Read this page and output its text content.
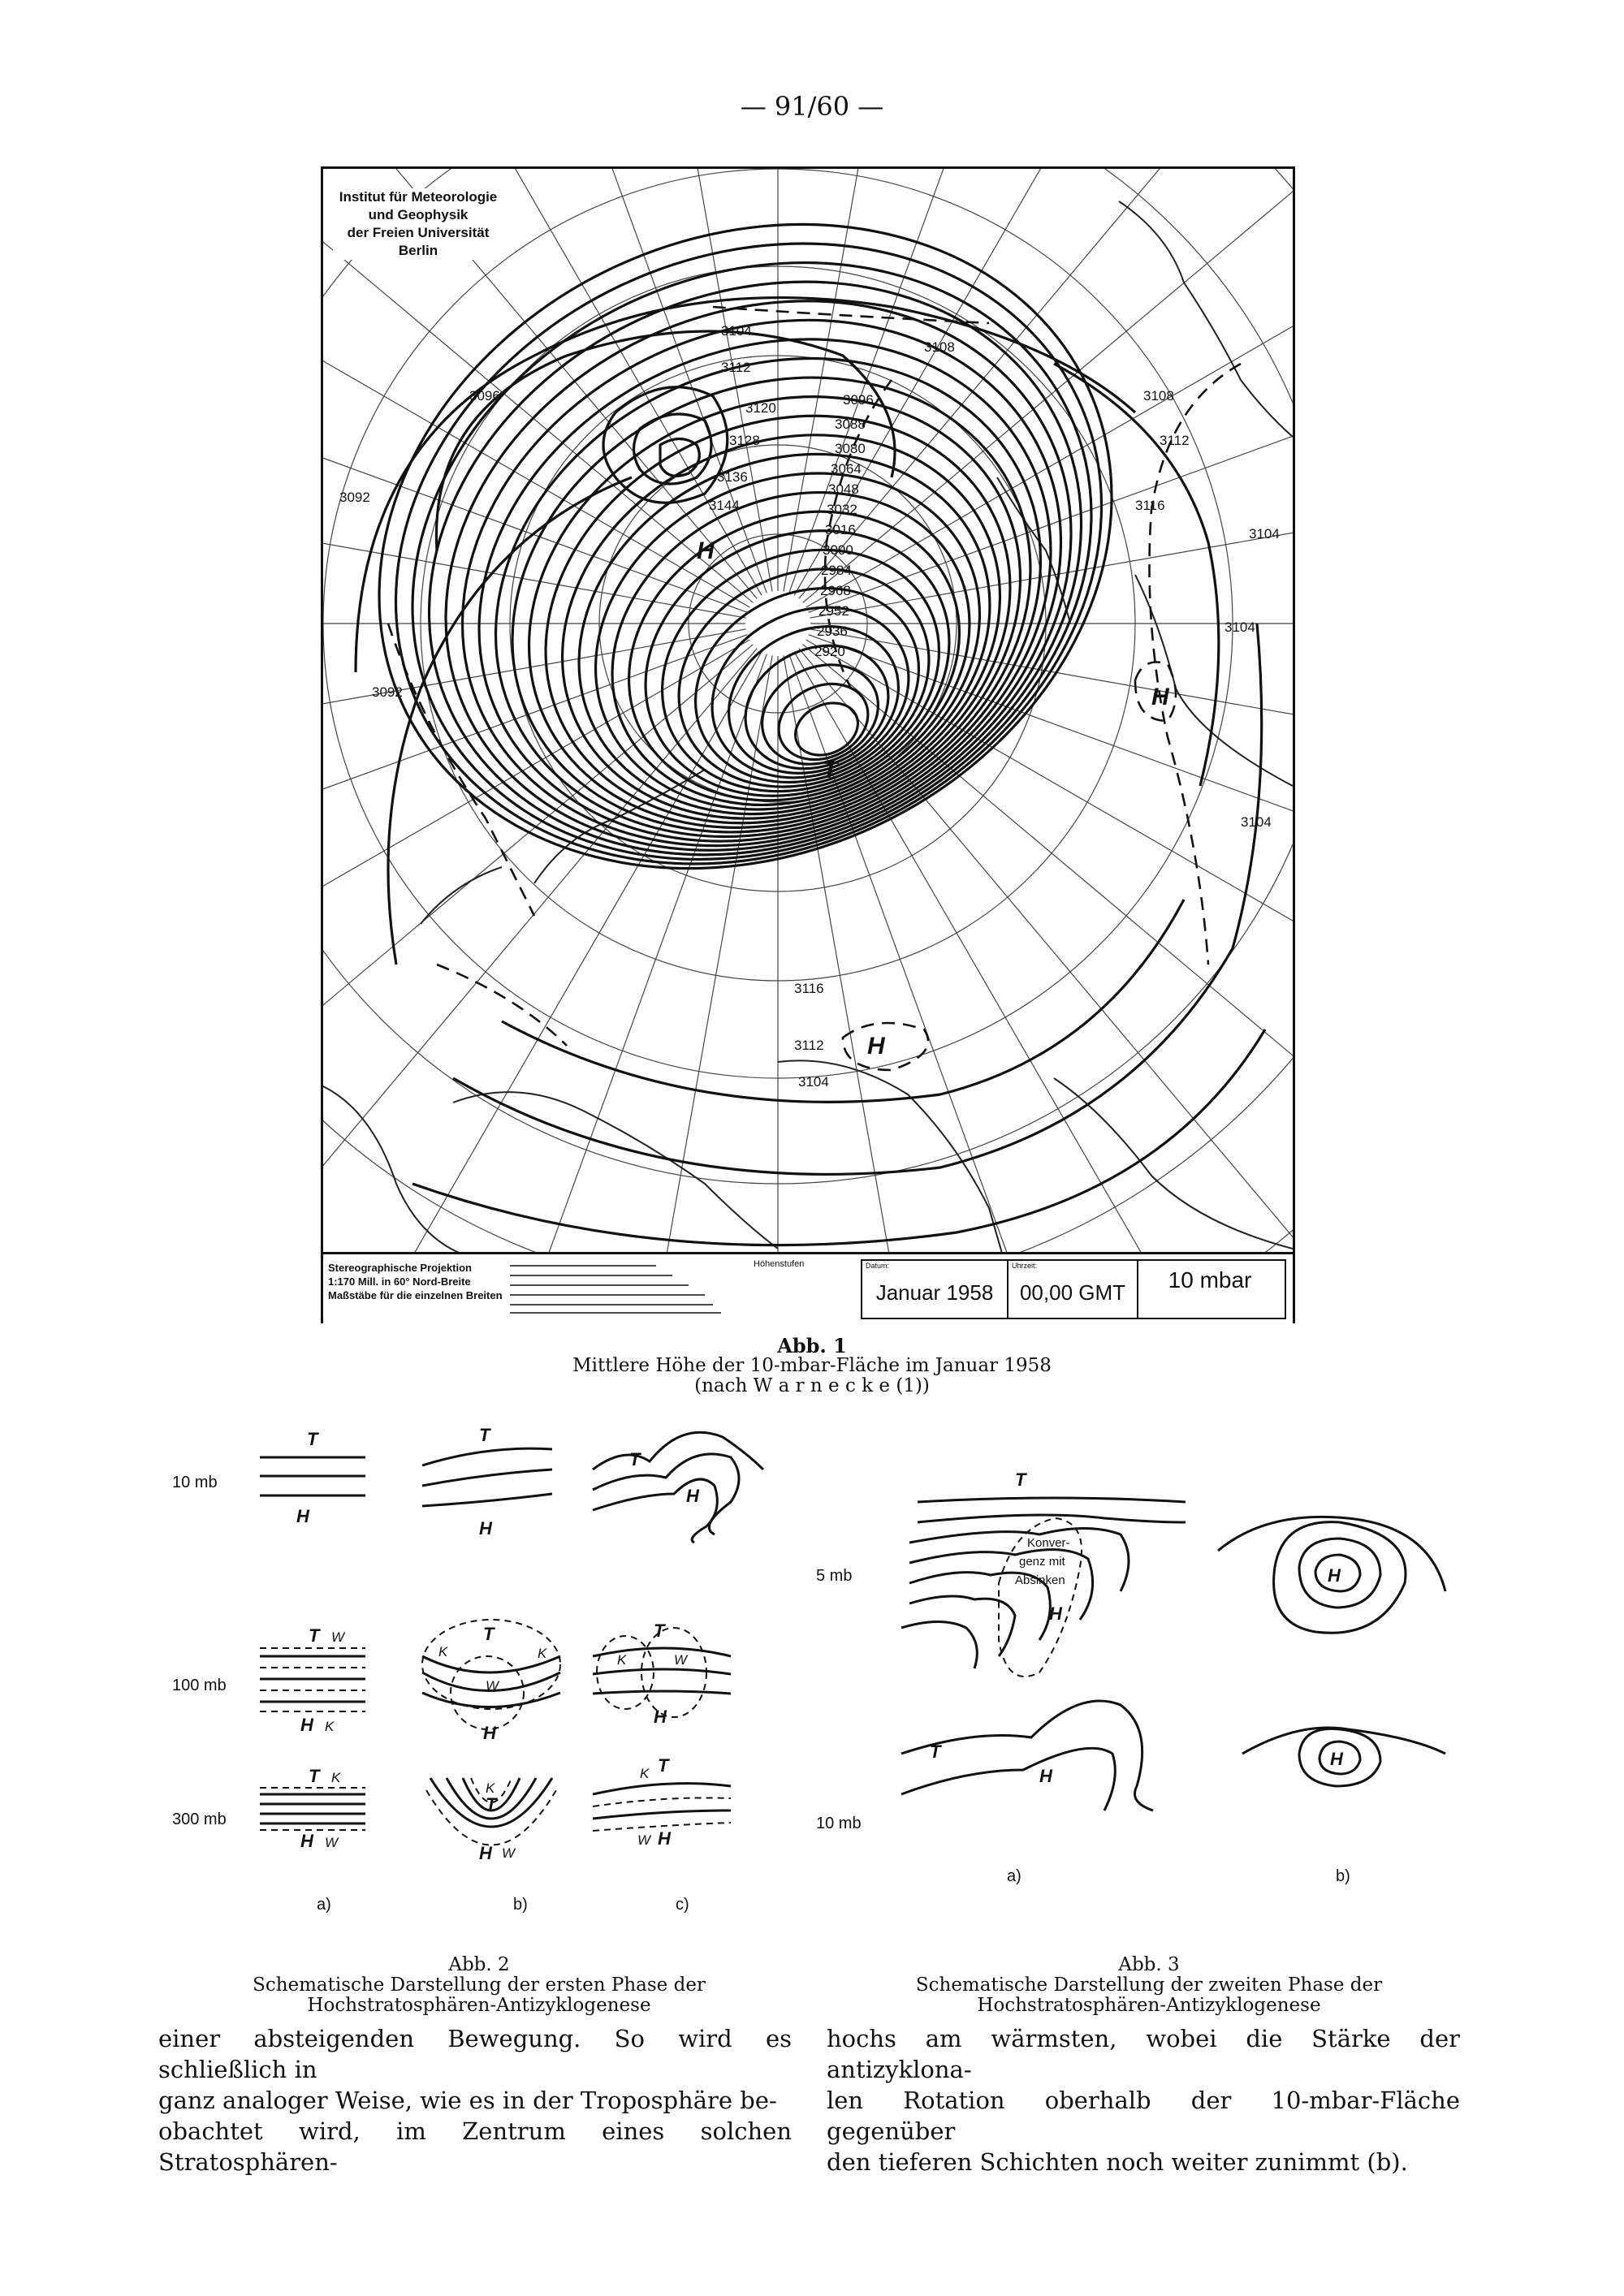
— 91/60 —
3104
3108
3112
3120
3128
3136
3144
3096
3092
3092
3104
3096
3088
3080
3064
3048
3032
3016
3000
2984
2968
2952
2936
2920
3108
3112
3116
3104
3104
3116
3112
3104
H
T
H
H
Institut für Meteorologie
und Geophysik
der Freien Universität
Berlin
Stereographische Projektion
1:170 Mill. in 60° Nord-Breite
Maßstäbe für die einzelnen Breiten
Höhenstufen	Datum:
Januar 1958
Uhrzeit:
00,00 GMT	10 mbar
Abb. 1
Mittlere Höhe der 10-mbar-Fläche im Januar 1958
(nach W a r n e c k e (1))
10 mb
100 mb
300 mb
T
H
T
H
T
H
T
H
T
H
T
H
T
H
T
H
T
H
W
K
K	K
W
K	W
K
W
K
W
K
W
a)	b)	c)
Abb. 2
Schematische Darstellung der ersten Phase der
Hochstratosphären-Antizyklogenese
5 mb
10 mb
Konver-
genz mit
Absinken
T
H
H
T
H
H
a)	b)
Abb. 3
Schematische Darstellung der zweiten Phase der
Hochstratosphären-Antizyklogenese
einer absteigenden Bewegung. So wird es schließlich in
ganz analoger Weise, wie es in der Troposphäre be-
obachtet wird, im Zentrum eines solchen Stratosphären-
hochs am wärmsten, wobei die Stärke der antizyklona-
len Rotation oberhalb der 10-mbar-Fläche gegenüber
den tieferen Schichten noch weiter zunimmt (b).
